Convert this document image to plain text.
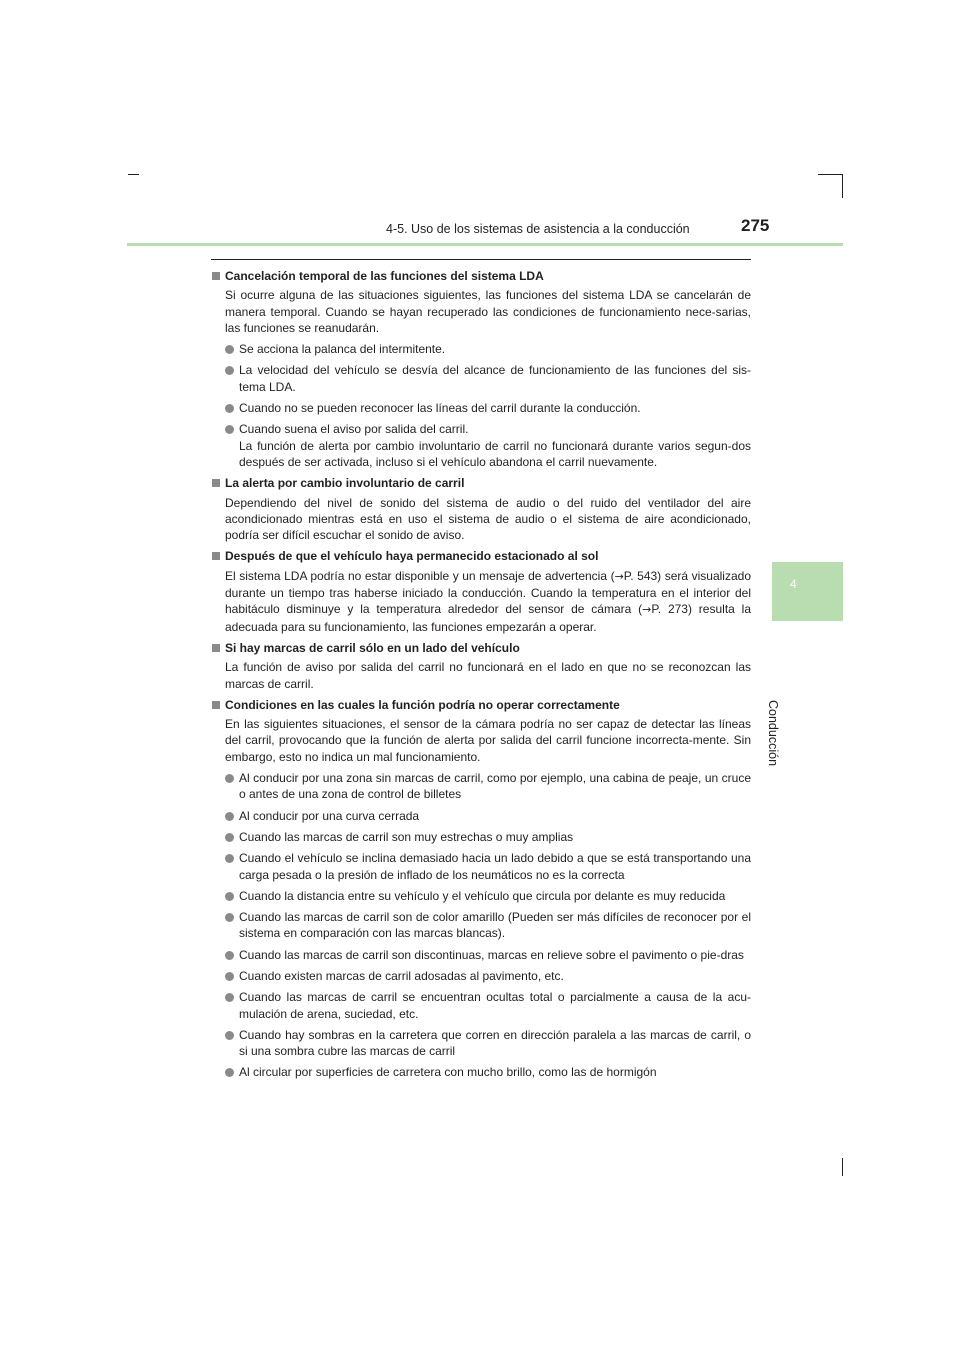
4-5. Uso de los sistemas de asistencia a la conducción	275
4
Conducción
Cancelación temporal de las funciones del sistema LDA
Si ocurre alguna de las situaciones siguientes, las funciones del sistema LDA se cancelarán de manera temporal. Cuando se hayan recuperado las condiciones de funcionamiento nece-sarias, las funciones se reanudarán.
Se acciona la palanca del intermitente.
La velocidad del vehículo se desvía del alcance de funcionamiento de las funciones del sis-tema LDA.
Cuando no se pueden reconocer las líneas del carril durante la conducción.
Cuando suena el aviso por salida del carril.
La función de alerta por cambio involuntario de carril no funcionará durante varios segun-dos después de ser activada, incluso si el vehículo abandona el carril nuevamente.
La alerta por cambio involuntario de carril
Dependiendo del nivel de sonido del sistema de audio o del ruido del ventilador del aire acondicionado mientras está en uso el sistema de audio o el sistema de aire acondicionado, podría ser difícil escuchar el sonido de aviso.
Después de que el vehículo haya permanecido estacionado al sol
El sistema LDA podría no estar disponible y un mensaje de advertencia (→P. 543) será visualizado durante un tiempo tras haberse iniciado la conducción. Cuando la temperatura en el interior del habitáculo disminuye y la temperatura alrededor del sensor de cámara (→P. 273) resulta la adecuada para su funcionamiento, las funciones empezarán a operar.
Si hay marcas de carril sólo en un lado del vehículo
La función de aviso por salida del carril no funcionará en el lado en que no se reconozcan las marcas de carril.
Condiciones en las cuales la función podría no operar correctamente
En las siguientes situaciones, el sensor de la cámara podría no ser capaz de detectar las líneas del carril, provocando que la función de alerta por salida del carril funcione incorrecta-mente. Sin embargo, esto no indica un mal funcionamiento.
Al conducir por una zona sin marcas de carril, como por ejemplo, una cabina de peaje, un cruce o antes de una zona de control de billetes
Al conducir por una curva cerrada
Cuando las marcas de carril son muy estrechas o muy amplias
Cuando el vehículo se inclina demasiado hacia un lado debido a que se está transportando una carga pesada o la presión de inflado de los neumáticos no es la correcta
Cuando la distancia entre su vehículo y el vehículo que circula por delante es muy reducida
Cuando las marcas de carril son de color amarillo (Pueden ser más difíciles de reconocer por el sistema en comparación con las marcas blancas).
Cuando las marcas de carril son discontinuas, marcas en relieve sobre el pavimento o pie-dras
Cuando existen marcas de carril adosadas al pavimento, etc.
Cuando las marcas de carril se encuentran ocultas total o parcialmente a causa de la acu-mulación de arena, suciedad, etc.
Cuando hay sombras en la carretera que corren en dirección paralela a las marcas de carril, o si una sombra cubre las marcas de carril
Al circular por superficies de carretera con mucho brillo, como las de hormigón
